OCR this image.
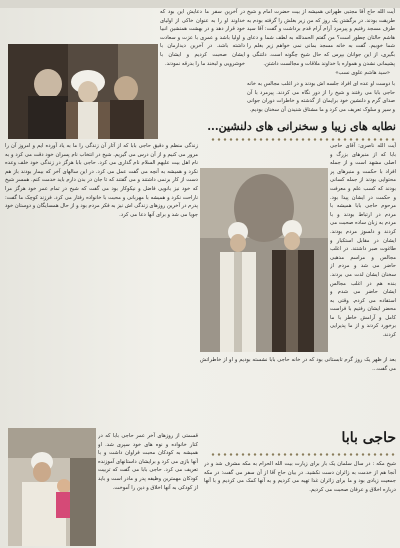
در آخرین سفر ما دعایش این بود که خداوند او را به عنوان خاکی از اولیای خود قرار دهد و در بهشت همنشین انبیا و اولیا باشد و عمری با عزت و سعادت داشته باشد. در آخرین دیدارمان با ایشان صحبت کردیم و ایشان با خوشرویی و لبخند ما را بدرقه نمودند.
آیت الله حاج آقا مجتبی طهرانی همیشه از بیت حضرت امام و شیخ طریقت بودند. در برگشتن یک روز که من زیر بغلش را گرفته بودم به طرف مسجد رفتیم و پیرمرد آرام آرام قدم برداشت و گفت: آقا سید هاشم حالتان چطور است؟ من گفتم الحمدلله به لطف شما و دعای شما خوبیم. گفت به خانه مسجد بمانی نمی خواهم زیر بغلم را بگیری، از این جوانان بپرس که حال شیخ چگونه است. دلتنگی و پشیمانی نشدن و همواره با خداوند ملاقات و مجالست داشتن.
«سید هاشم علوی نسب»
با دوست او عده ای افراد جلسه اش بودند و در اغلب مجالس به خانه حاجی بابا می رفتند و شیخ را از دور نگاه می کردند. پیرمرد با آن صدای گرم و دلنشین خود برایمان از گذشته و خاطرات دوران جوانی و سیر و سلوک تعریف می کرد و ما مشتاق شنیدن آن سخنان بودیم.
نطابه های زیبا و سخنرانی های دلنشین...
زندگی منظم و دقیق حاجی بابا که از آثار آن زندگی را ما به یاد آورده ایم و امروز آن را مرور می کنیم و از آن درس می گیریم. شیخ در انتخاب نام پسران خود دقت می کرد و به نام اهل بیت علیهم السلام نام گذاری می کرد. حاجی بابا هرگز در زندگی خود خلف وعده نکرد و همیشه به آنچه می گفت عمل می کرد. در این سالهای آخر که بیمار بودند باز هم دست از کار برنمی داشتند و می گفتند که تا جان در بدن دارم باید خدمت کنم. همسر شیخ که خود نیز بانویی فاضل و نیکوکار بود می گفت که شیخ در تمام عمر خود هرگز مرا ناراحت نکرد و همیشه با مهربانی و محبت با خانواده رفتار می کرد. فرزند کوچک ما گفت: پدرم در آخرین روزهای زندگی اش نیز به فکر مردم بود و از حال همسایگان و دوستان خود جویا می شد و برای آنها دعا می کرد.
آیت الله ناصری: آقای حاجی بابا که از منبرهای بزرگ و اصلی مشهد است و از جمله افراد با حکمت و منبرهای پر محتوایی بودند از جمله کسانی بودند که کسب علم و معرفت و حکمت در ایشان پیدا بود. مرحوم حاجی بابا همیشه با مردم در ارتباط بودند و با مردم به زبان ساده صحبت می کردند و دلسوز مردم بودند. ایشان در مقابل استکبار و طاغوت صبر داشتند. در اغلب مجالس و مراسم مذهبی حاضر می شد و مردم از سخنان ایشان لذت می بردند. بنده هم در اغلب مجالس ایشان حاضر می شدم و استفاده می کردم. وقتی به محضر ایشان رفتیم با فراست کامل و آرامش خاطر با ما برخورد کردند و از ما پذیرایی کردند.
بعد از ظهر یک روز گرم تابستانی بود که در خانه حاجی بابا نشسته بودیم و او از خاطراتش می گفت...
قسمتی از روزهای آخر عمر حاجی بابا که در کنار خانواده و نوه های خود سپری شد. او همیشه به کودکان محبت فراوان داشت و با آنها بازی می کرد و برایشان داستانهای آموزنده تعریف می کرد. حاجی بابا می گفت که تربیت کودکان مهمترین وظیفه پدر و مادر است و باید از کودکی به آنها اخلاق و دین را آموخت.
حاجی بابا
شیخ مکه : در سال سلمان یک بار برای زیارت بیت الله الحرام به مکه مشرف شد و در آنجا هم از خدمت به زائران دست نکشید. در بیان حاج آقا از آن سفر می گفت: در مکه جمعیت زیادی بود و ما برای زائران غذا تهیه می کردیم و به آنها کمک می کردیم و با آنها درباره اخلاق و عرفان صحبت می کردیم.
